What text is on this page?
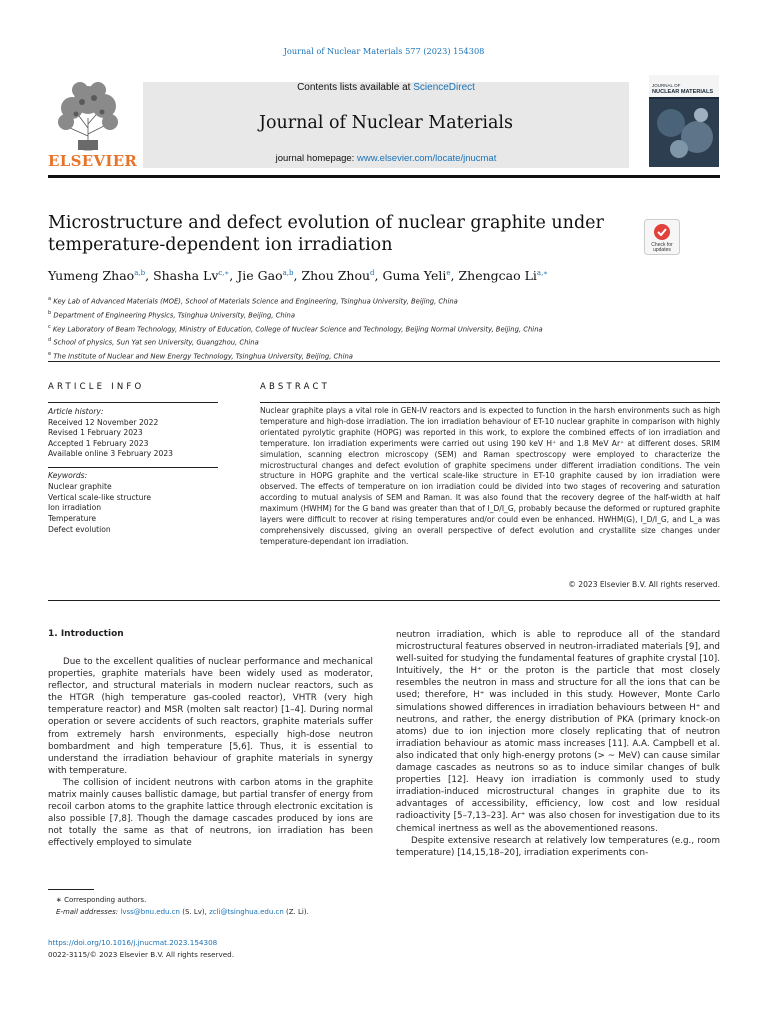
Journal of Nuclear Materials 577 (2023) 154308
ELSEVIER
Contents lists available at ScienceDirect
Journal of Nuclear Materials
journal homepage: www.elsevier.com/locate/jnucmat
JOURNAL OF
NUCLEAR MATERIALS
Microstructure and defect evolution of nuclear graphite under
temperature-dependent ion irradiation	Check for
updates
Yumeng Zhao$^{a,b}$, Shasha $Lv^{c,∗}$, Jie Gao$^{a,b}$, Zhou Zhou$^d$, Guma Yeli$^e$, Zhengcao $Li^{a,∗}$
$^a$ Key Lab of Advanced Materials (MOE), School of Materials Science and Engineering, Tsinghua University, Beijing, China
$^b$ Department of Engineering Physics, Tsinghua University, Beijing, China
$^c$ Key Laboratory of Beam Technology, Ministry of Education, College of Nuclear Science and Technology, Beijing Normal University, Beijing, China
$^d$ School of physics, Sun Yat sen University, Guangzhou, China
$^e$ The Institute of Nuclear and New Energy Technology, Tsinghua University, Beijing, China
ARTICLE INFO	ABSTRACT
Article history:
Received 12 November 2022
Revised 1 February 2023
Accepted 1 February 2023
Available online 3 February 2023
Keywords:
Nuclear graphite
Vertical scale-like structure
Ion irradiation
Temperature
Defect evolution
Nuclear graphite plays a vital role in GEN-IV reactors and is expected to function in the harsh environments such as high temperature and high-dose irradiation. The ion irradiation behaviour of ET-10 nuclear graphite in comparison with highly orientated pyrolytic graphite (HOPG) was reported in this work, to explore the combined effects of ion irradiation and temperature. Ion irradiation experiments were carried out using 190 keV H⁺ and 1.8 MeV Ar⁺ at different doses. SRIM simulation, scanning electron microscopy (SEM) and Raman spectroscopy were employed to characterize the microstructural changes and defect evolution of graphite specimens under different irradiation conditions. The vein structure in HOPG graphite and the vertical scale-like structure in ET-10 graphite caused by ion irradiation were observed. The effects of temperature on ion irradiation could be divided into two stages of recovering and saturation according to mutual analysis of SEM and Raman. It was also found that the recovery degree of the half-width at half maximum (HWHM) for the G band was greater than that of I_D/I_G, probably because the deformed or ruptured graphite layers were difficult to recover at rising temperatures and/or could even be enhanced. HWHM(G), I_D/I_G, and L_a was comprehensively discussed, giving an overall perspective of defect evolution and crystallite size changes under temperature-dependant ion irradiation.
© 2023 Elsevier B.V. All rights reserved.
1. Introduction

Due to the excellent qualities of nuclear performance and mechanical properties, graphite materials have been widely used as moderator, reflector, and structural materials in modern nuclear reactors, such as the HTGR (high temperature gas-cooled reactor), VHTR (very high temperature reactor) and MSR (molten salt reactor) [1–4]. During normal operation or severe accidents of such reactors, graphite materials suffer from extremely harsh environments, especially high-dose neutron bombardment and high temperature [5,6]. Thus, it is essential to understand the irradiation behaviour of graphite materials in synergy with temperature.

The collision of incident neutrons with carbon atoms in the graphite matrix mainly causes ballistic damage, but partial transfer of energy from recoil carbon atoms to the graphite lattice through electronic excitation is also possible [7,8]. Though the damage cascades produced by ions are not totally the same as that of neutrons, ion irradiation has been effectively employed to simulate

neutron irradiation, which is able to reproduce all of the standard microstructural features observed in neutron-irradiated materials [9], and well-suited for studying the fundamental features of graphite crystal [10]. Intuitively, the H⁺ or the proton is the particle that most closely resembles the neutron in mass and structure for all the ions that can be used; therefore, H⁺ was included in this study. However, Monte Carlo simulations showed differences in irradiation behaviours between H⁺ and neutrons, and rather, the energy distribution of PKA (primary knock-on atoms) due to ion injection more closely replicating that of neutron irradiation behaviour as atomic mass increases [11]. A.A. Campbell et al. also indicated that only high-energy protons (> ~ MeV) can cause similar damage cascades as neutrons so as to induce similar changes of bulk properties [12]. Heavy ion irradiation is commonly used to study irradiation-induced microstructural changes in graphite due to its advantages of accessibility, efficiency, low cost and low residual radioactivity [5–7,13–23]. Ar⁺ was also chosen for investigation due to its chemical inertness as well as the abovementioned reasons.

Despite extensive research at relatively low temperatures (e.g., room temperature) [14,15,18–20], irradiation experiments con-

∗ Corresponding authors.
E-mail addresses: lvss@bnu.edu.cn (S. Lv), zcli@tsinghua.edu.cn (Z. Li).
https://doi.org/10.1016/j.jnucmat.2023.154308
0022-3115/© 2023 Elsevier B.V. All rights reserved.
